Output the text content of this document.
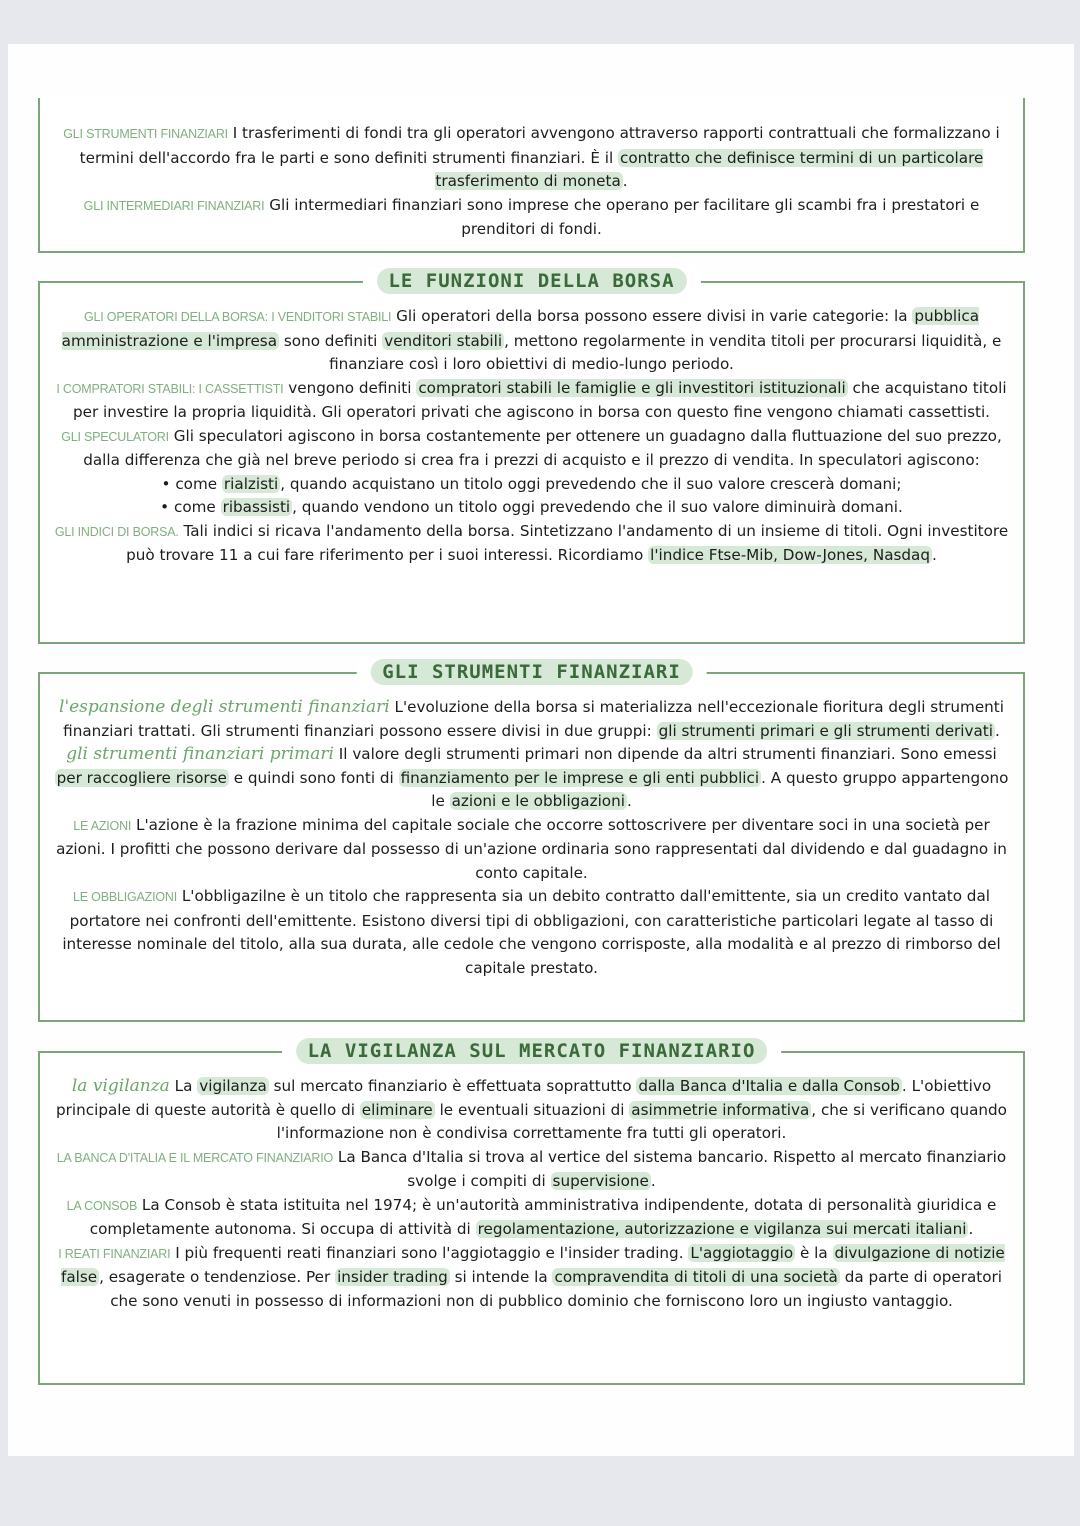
GLI STRUMENTI FINANZIARI I trasferimenti di fondi tra gli operatori avvengono attraverso rapporti contrattuali che formalizzano i termini dell'accordo fra le parti e sono definiti strumenti finanziari. È il contratto che definisce termini di un particolare trasferimento di moneta .

GLI INTERMEDIARI FINANZIARI Gli intermediari finanziari sono imprese che operano per facilitare gli scambi fra i prestatori e prenditori di fondi.

LE FUNZIONI DELLA BORSA

GLI OPERATORI DELLA BORSA: I VENDITORI STABILI Gli operatori della borsa possono essere divisi in varie categorie: la pubblica amministrazione e l'impresa sono definiti venditori stabili , mettono regolarmente in vendita titoli per procurarsi liquidità, e finanziare così i loro obiettivi di medio-lungo periodo.

I COMPRATORI STABILI: I CASSETTISTI vengono definiti compratori stabili le famiglie e gli investitori istituzionali che acquistano titoli per investire la propria liquidità. Gli operatori privati che agiscono in borsa con questo fine vengono chiamati cassettisti.

GLI SPECULATORI Gli speculatori agiscono in borsa costantemente per ottenere un guadagno dalla fluttuazione del suo prezzo, dalla differenza che già nel breve periodo si crea fra i prezzi di acquisto e il prezzo di vendita. In speculatori agiscono:

• come rialzisti , quando acquistano un titolo oggi prevedendo che il suo valore crescerà domani;
• come ribassisti , quando vendono un titolo oggi prevedendo che il suo valore diminuirà domani.

GLI INDICI DI BORSA. Tali indici si ricava l'andamento della borsa. Sintetizzano l'andamento di un insieme di titoli. Ogni investitore può trovare 11 a cui fare riferimento per i suoi interessi. Ricordiamo l'indice Ftse-Mib, Dow-Jones, Nasdaq .

GLI STRUMENTI FINANZIARI

l'espansione degli strumenti finanziari L'evoluzione della borsa si materializza nell'eccezionale fioritura degli strumenti finanziari trattati. Gli strumenti finanziari possono essere divisi in due gruppi: gli strumenti primari e gli strumenti derivati .

gli strumenti finanziari primari Il valore degli strumenti primari non dipende da altri strumenti finanziari. Sono emessi per raccogliere risorse e quindi sono fonti di finanziamento per le imprese e gli enti pubblici . A questo gruppo appartengono le azioni e le obbligazioni .

LE AZIONI L'azione è la frazione minima del capitale sociale che occorre sottoscrivere per diventare soci in una società per azioni. I profitti che possono derivare dal possesso di un'azione ordinaria sono rappresentati dal dividendo e dal guadagno in conto capitale.

LE OBBLIGAZIONI L'obbligazilne è un titolo che rappresenta sia un debito contratto dall'emittente, sia un credito vantato dal portatore nei confronti dell'emittente. Esistono diversi tipi di obbligazioni, con caratteristiche particolari legate al tasso di interesse nominale del titolo, alla sua durata, alle cedole che vengono corrisposte, alla modalità e al prezzo di rimborso del capitale prestato.

LA VIGILANZA SUL MERCATO FINANZIARIO

la vigilanza La vigilanza sul mercato finanziario è effettuata soprattutto dalla Banca d'Italia e dalla Consob . L'obiettivo principale di queste autorità è quello di eliminare le eventuali situazioni di asimmetrie informativa , che si verificano quando l'informazione non è condivisa correttamente fra tutti gli operatori.

LA BANCA D'ITALIA E IL MERCATO FINANZIARIO La Banca d'Italia si trova al vertice del sistema bancario. Rispetto al mercato finanziario svolge i compiti di supervisione .

LA CONSOB La Consob è stata istituita nel 1974; è un'autorità amministrativa indipendente, dotata di personalità giuridica e completamente autonoma. Si occupa di attività di regolamentazione, autorizzazione e vigilanza sui mercati italiani .

I REATI FINANZIARI I più frequenti reati finanziari sono l'aggiotaggio e l'insider trading. L'aggiotaggio è la divulgazione di notizie false , esagerate o tendenziose. Per insider trading si intende la compravendita di titoli di una società da parte di operatori che sono venuti in possesso di informazioni non di pubblico dominio che forniscono loro un ingiusto vantaggio.
